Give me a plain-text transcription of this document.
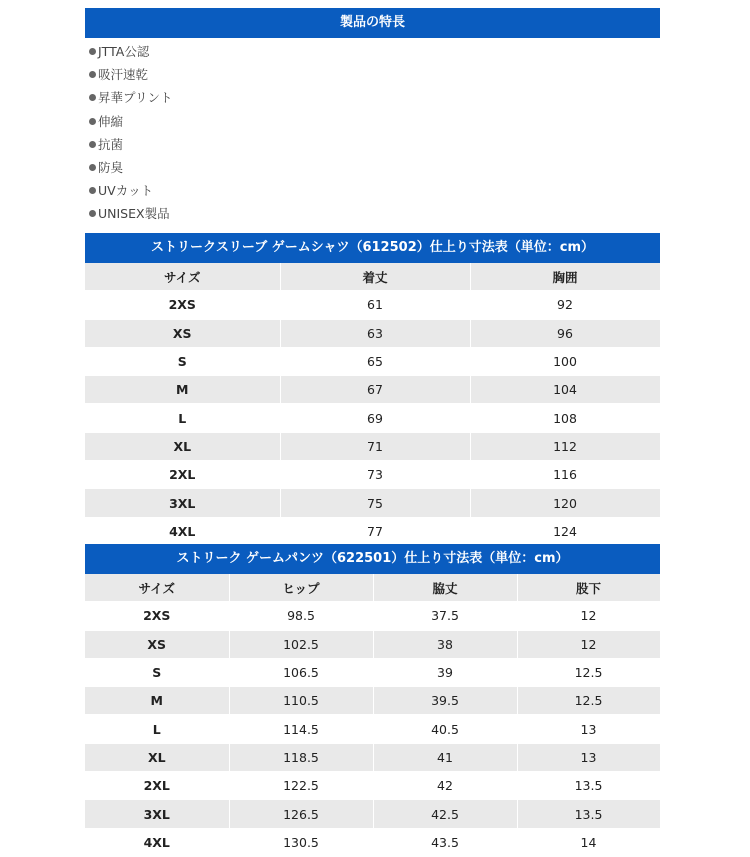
製品の特長
JTTA公認
吸汗速乾
昇華プリント
伸縮
抗菌
防臭
UVカット
UNISEX製品
ストリークスリーブ ゲームシャツ（612502）仕上り寸法表（単位：cm）
サイズ	着丈	胸囲
2XS	61	92
XS	63	96
S	65	100
M	67	104
L	69	108
XL	71	112
2XL	73	116
3XL	75	120
4XL	77	124
ストリーク ゲームパンツ（622501）仕上り寸法表（単位：cm）
サイズ	ヒップ	脇丈	股下
2XS	98.5	37.5	12
XS	102.5	38	12
S	106.5	39	12.5
M	110.5	39.5	12.5
L	114.5	40.5	13
XL	118.5	41	13
2XL	122.5	42	13.5
3XL	126.5	42.5	13.5
4XL	130.5	43.5	14
